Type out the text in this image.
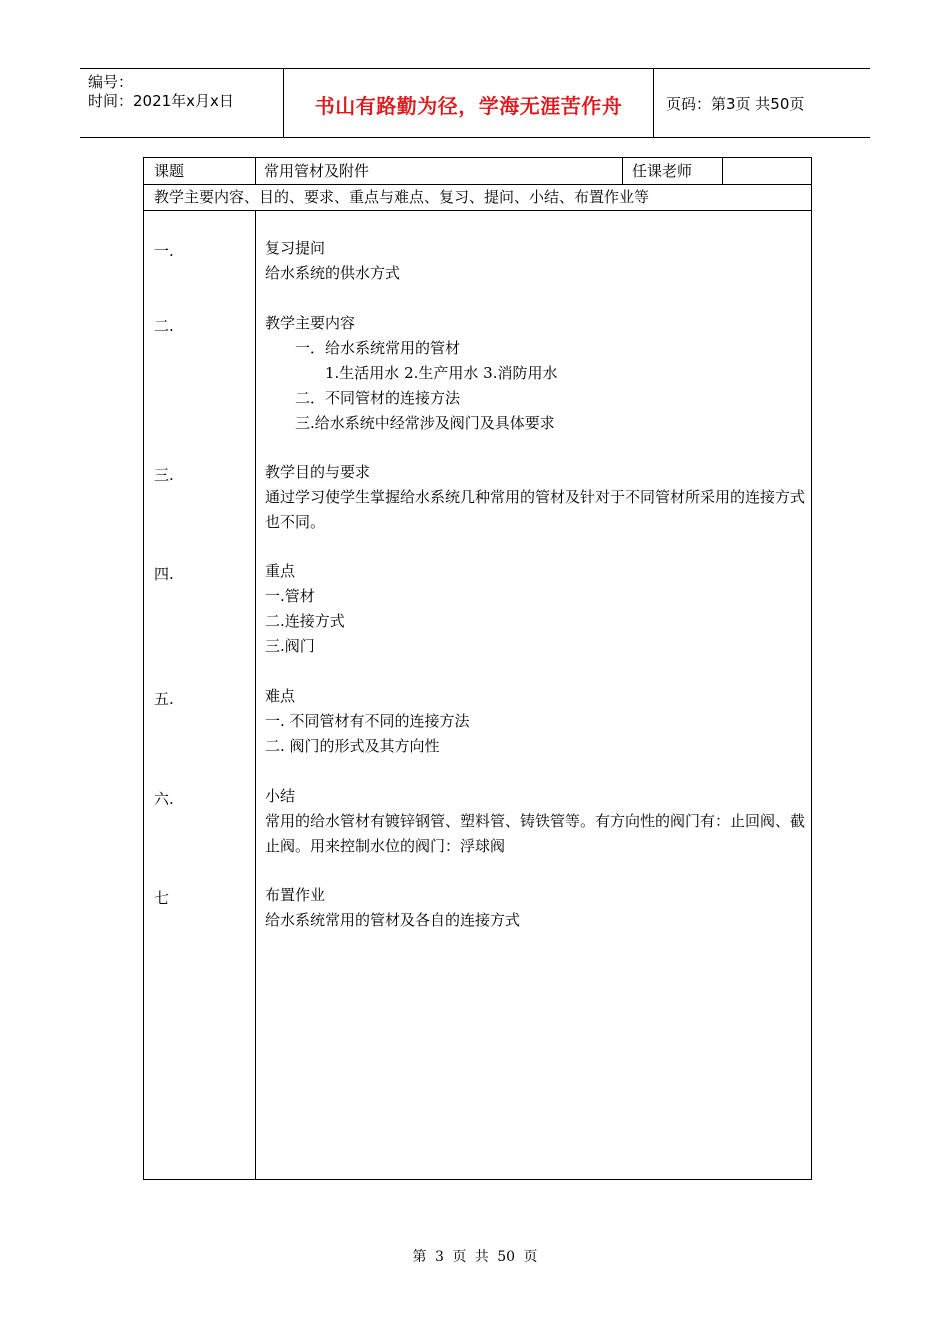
编号：
时间：2021年x月x日	书山有路勤为径，学海无涯苦作舟	页码：第3页 共50页
课题	常用管材及附件	任课老师
教学主要内容、目的、要求、重点与难点、复习、提问、小结、布置作业等
一.	复习提问
给水系统的供水方式
二.	教学主要内容
　　一．给水系统常用的管材
　　　　1.生活用水 2.生产用水 3.消防用水
　　二．不同管材的连接方法
　　三.给水系统中经常涉及阀门及具体要求
三.	教学目的与要求
通过学习使学生掌握给水系统几种常用的管材及针对于不同管材所采用的连接方式也不同。
四.	重点
一.管材
二.连接方式
三.阀门
五.	难点
一. 不同管材有不同的连接方法
二. 阀门的形式及其方向性
六.	小结
常用的给水管材有镀锌钢管、塑料管、铸铁管等。有方向性的阀门有：止回阀、截止阀。用来控制水位的阀门：浮球阀
七	布置作业
给水系统常用的管材及各自的连接方式
第 3 页 共 50 页
